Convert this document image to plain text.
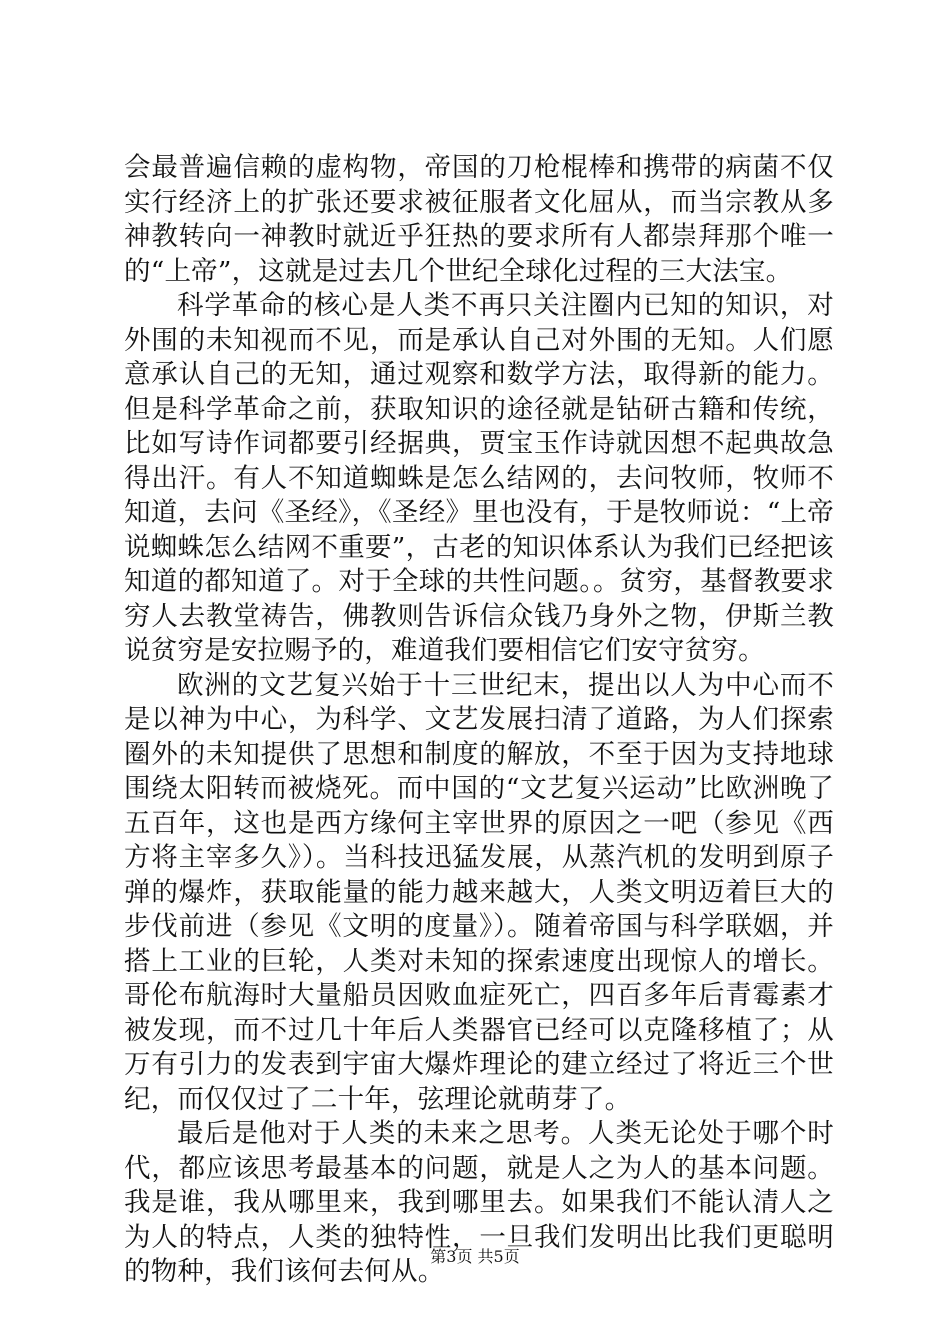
会最普遍信赖的虚构物，帝国的刀枪棍棒和携带的病菌不仅实行经济上的扩张还要求被征服者文化屈从，而当宗教从多神教转向一神教时就近乎狂热的要求所有人都崇拜那个唯一的“上帝”，这就是过去几个世纪全球化过程的三大法宝。

科学革命的核心是人类不再只关注圈内已知的知识，对外围的未知视而不见，而是承认自己对外围的无知。人们愿意承认自己的无知，通过观察和数学方法，取得新的能力。但是科学革命之前，获取知识的途径就是钻研古籍和传统，比如写诗作词都要引经据典，贾宝玉作诗就因想不起典故急得出汗。有人不知道蜘蛛是怎么结网的，去问牧师，牧师不知道，去问《圣经》，《圣经》里也没有，于是牧师说：“上帝说蜘蛛怎么结网不重要”，古老的知识体系认为我们已经把该知道的都知道了。对于全球的共性问题。。贫穷，基督教要求穷人去教堂祷告，佛教则告诉信众钱乃身外之物，伊斯兰教说贫穷是安拉赐予的，难道我们要相信它们安守贫穷。

欧洲的文艺复兴始于十三世纪末，提出以人为中心而不是以神为中心，为科学、文艺发展扫清了道路，为人们探索圈外的未知提供了思想和制度的解放，不至于因为支持地球围绕太阳转而被烧死。而中国的“文艺复兴运动”比欧洲晚了五百年，这也是西方缘何主宰世界的原因之一吧（参见《西方将主宰多久》）。当科技迅猛发展，从蒸汽机的发明到原子弹的爆炸，获取能量的能力越来越大，人类文明迈着巨大的步伐前进（参见《文明的度量》）。随着帝国与科学联姻，并搭上工业的巨轮，人类对未知的探索速度出现惊人的增长。哥伦布航海时大量船员因败血症死亡，四百多年后青霉素才被发现，而不过几十年后人类器官已经可以克隆移植了；从万有引力的发表到宇宙大爆炸理论的建立经过了将近三个世纪，而仅仅过了二十年，弦理论就萌芽了。

最后是他对于人类的未来之思考。人类无论处于哪个时代，都应该思考最基本的问题，就是人之为人的基本问题。我是谁，我从哪里来，我到哪里去。如果我们不能认清人之为人的特点，人类的独特性，一旦我们发明出比我们更聪明的物种，我们该何去何从。

第3页 共5页
